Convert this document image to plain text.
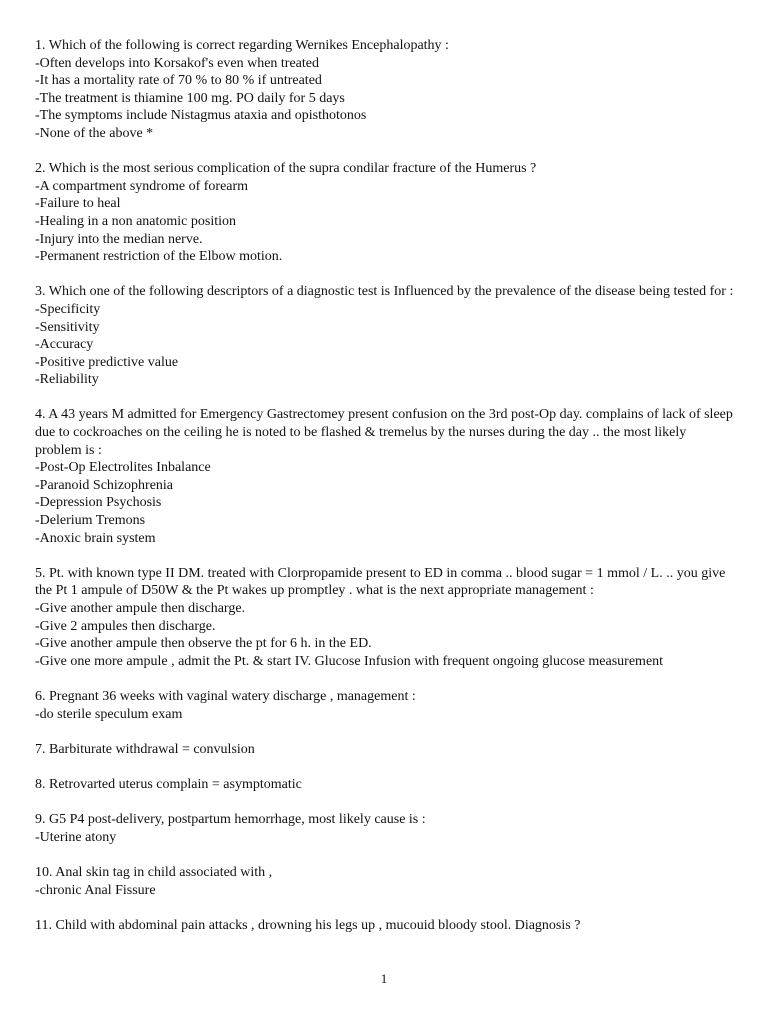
1. Which of the following is correct regarding Wernikes Encephalopathy :
-Often develops into Korsakof's even when treated
-It has a mortality rate of 70 % to 80 % if untreated
-The treatment is thiamine 100 mg. PO daily for 5 days
-The symptoms include Nistagmus ataxia and opisthotonos
-None of the above *
2. Which is the most serious complication of the supra condilar fracture of the Humerus ?
-A compartment syndrome of forearm
-Failure to heal
-Healing in a non anatomic position
-Injury into the median nerve.
-Permanent restriction of the Elbow motion.
3. Which one of the following descriptors of a diagnostic test is Influenced by the prevalence of the disease being tested for :
-Specificity
-Sensitivity
-Accuracy
-Positive predictive value
-Reliability
4. A 43 years M admitted for Emergency Gastrectomey present confusion on the 3rd post-Op day. complains of lack of sleep due to cockroaches on the ceiling he is noted to be flashed & tremelus by the nurses during the day .. the most likely problem is :
-Post-Op Electrolites Inbalance
-Paranoid Schizophrenia
-Depression Psychosis
-Delerium Tremons
-Anoxic brain system
5. Pt. with known type II DM. treated with Clorpropamide present to ED in comma .. blood sugar = 1 mmol / L. .. you give the Pt 1 ampule of D50W & the Pt wakes up promptley . what is the next appropriate management :
-Give another ampule then discharge.
-Give 2 ampules then discharge.
-Give another ampule then observe the pt for 6 h. in the ED.
-Give one more ampule , admit the Pt. & start IV. Glucose Infusion with frequent ongoing glucose measurement
6. Pregnant 36 weeks with vaginal watery discharge , management :
-do sterile speculum exam
7. Barbiturate withdrawal = convulsion
8. Retrovarted uterus complain = asymptomatic
9. G5 P4 post-delivery, postpartum hemorrhage, most likely cause is :
-Uterine atony
10. Anal skin tag in child associated with ,
-chronic Anal Fissure
11. Child with abdominal pain attacks , drowning his legs up , mucouid bloody stool. Diagnosis ?
1
